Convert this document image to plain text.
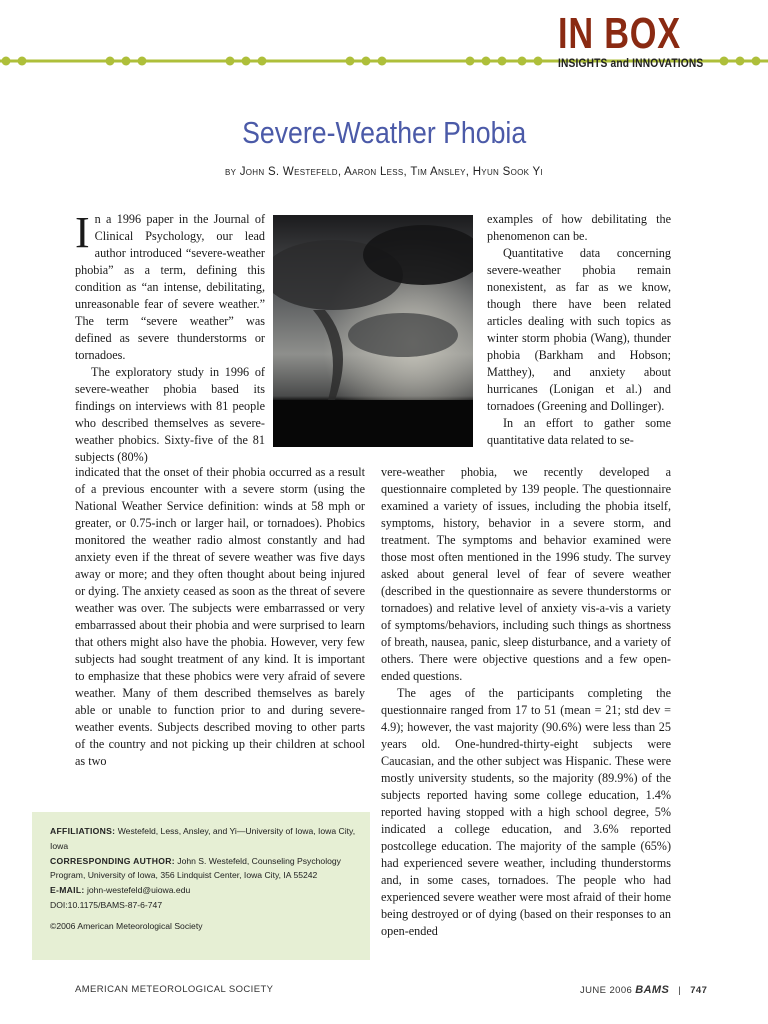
IN BOX
INSIGHTS and INNOVATIONS
Severe-Weather Phobia
by John S. Westefeld, Aaron Less, Tim Ansley, Hyun Sook Yi

In a 1996 paper in the Journal of Clinical Psychology, our lead author introduced “severe-weather phobia” as a term, defining this condition as “an intense, debilitating, unreasonable fear of severe weather.” The term “severe weather” was defined as severe thunderstorms or tornadoes.

The exploratory study in 1996 of severe-weather phobia based its findings on interviews with 81 people who described themselves as severe-weather phobics. Sixty-five of the 81 subjects (80%)

indicated that the onset of their phobia occurred as a result of a previous encounter with a severe storm (using the National Weather Service definition: winds at 58 mph or greater, or 0.75-inch or larger hail, or tornadoes). Phobics monitored the weather radio almost constantly and had anxiety even if the threat of severe weather was five days away or more; and they often thought about being injured or dying. The anxiety ceased as soon as the threat of severe weather was over. The subjects were embarrassed or very embarrassed about their phobia and were surprised to learn that others might also have the phobia. However, very few subjects had sought treatment of any kind. It is important to emphasize that these phobics were very afraid of severe weather. Many of them described themselves as barely able or unable to function prior to and during severe-weather events. Subjects described moving to other parts of the country and not picking up their children at school as two

examples of how debilitating the phenomenon can be.

Quantitative data concerning severe-weather phobia remain nonexistent, as far as we know, though there have been related articles dealing with such topics as winter storm phobia (Wang), thunder phobia (Barkham and Hobson; Matthey), and anxiety about hurricanes (Lonigan et al.) and tornadoes (Greening and Dollinger).

In an effort to gather some quantitative data related to se-

vere-weather phobia, we recently developed a questionnaire completed by 139 people. The questionnaire examined a variety of issues, including the phobia itself, symptoms, history, behavior in a severe storm, and treatment. The symptoms and behavior examined were those most often mentioned in the 1996 study. The survey asked about general level of fear of severe weather (described in the questionnaire as severe thunderstorms or tornadoes) and relative level of anxiety vis-a-vis a variety of symptoms/behaviors, including such things as shortness of breath, nausea, panic, sleep disturbance, and a variety of others. There were objective questions and a few open-ended questions.

The ages of the participants completing the questionnaire ranged from 17 to 51 (mean = 21; std dev = 4.9); however, the vast majority (90.6%) were less than 25 years old. One-hundred-thirty-eight subjects were Caucasian, and the other subject was Hispanic. These were mostly university students, so the majority (89.9%) of the subjects reported having some college education, 1.4% reported having stopped with a high school degree, 5% indicated a college education, and 3.6% reported postcollege education. The majority of the sample (65%) had experienced severe weather, including thunderstorms and, in some cases, tornadoes. The people who had experienced severe weather were most afraid of their home being destroyed or of dying (based on their responses to an open-ended

AFFILIATIONS: Westefeld, Less, Ansley, and Yi—University of Iowa, Iowa City, Iowa
CORRESPONDING AUTHOR: John S. Westefeld, Counseling Psychology Program, University of Iowa, 356 Lindquist Center, Iowa City, IA 55242
E-MAIL: john-westefeld@uiowa.edu
DOI:10.1175/BAMS-87-6-747
©2006 American Meteorological Society
AMERICAN METEOROLOGICAL SOCIETY	JUNE 2006 BAMS | 747
